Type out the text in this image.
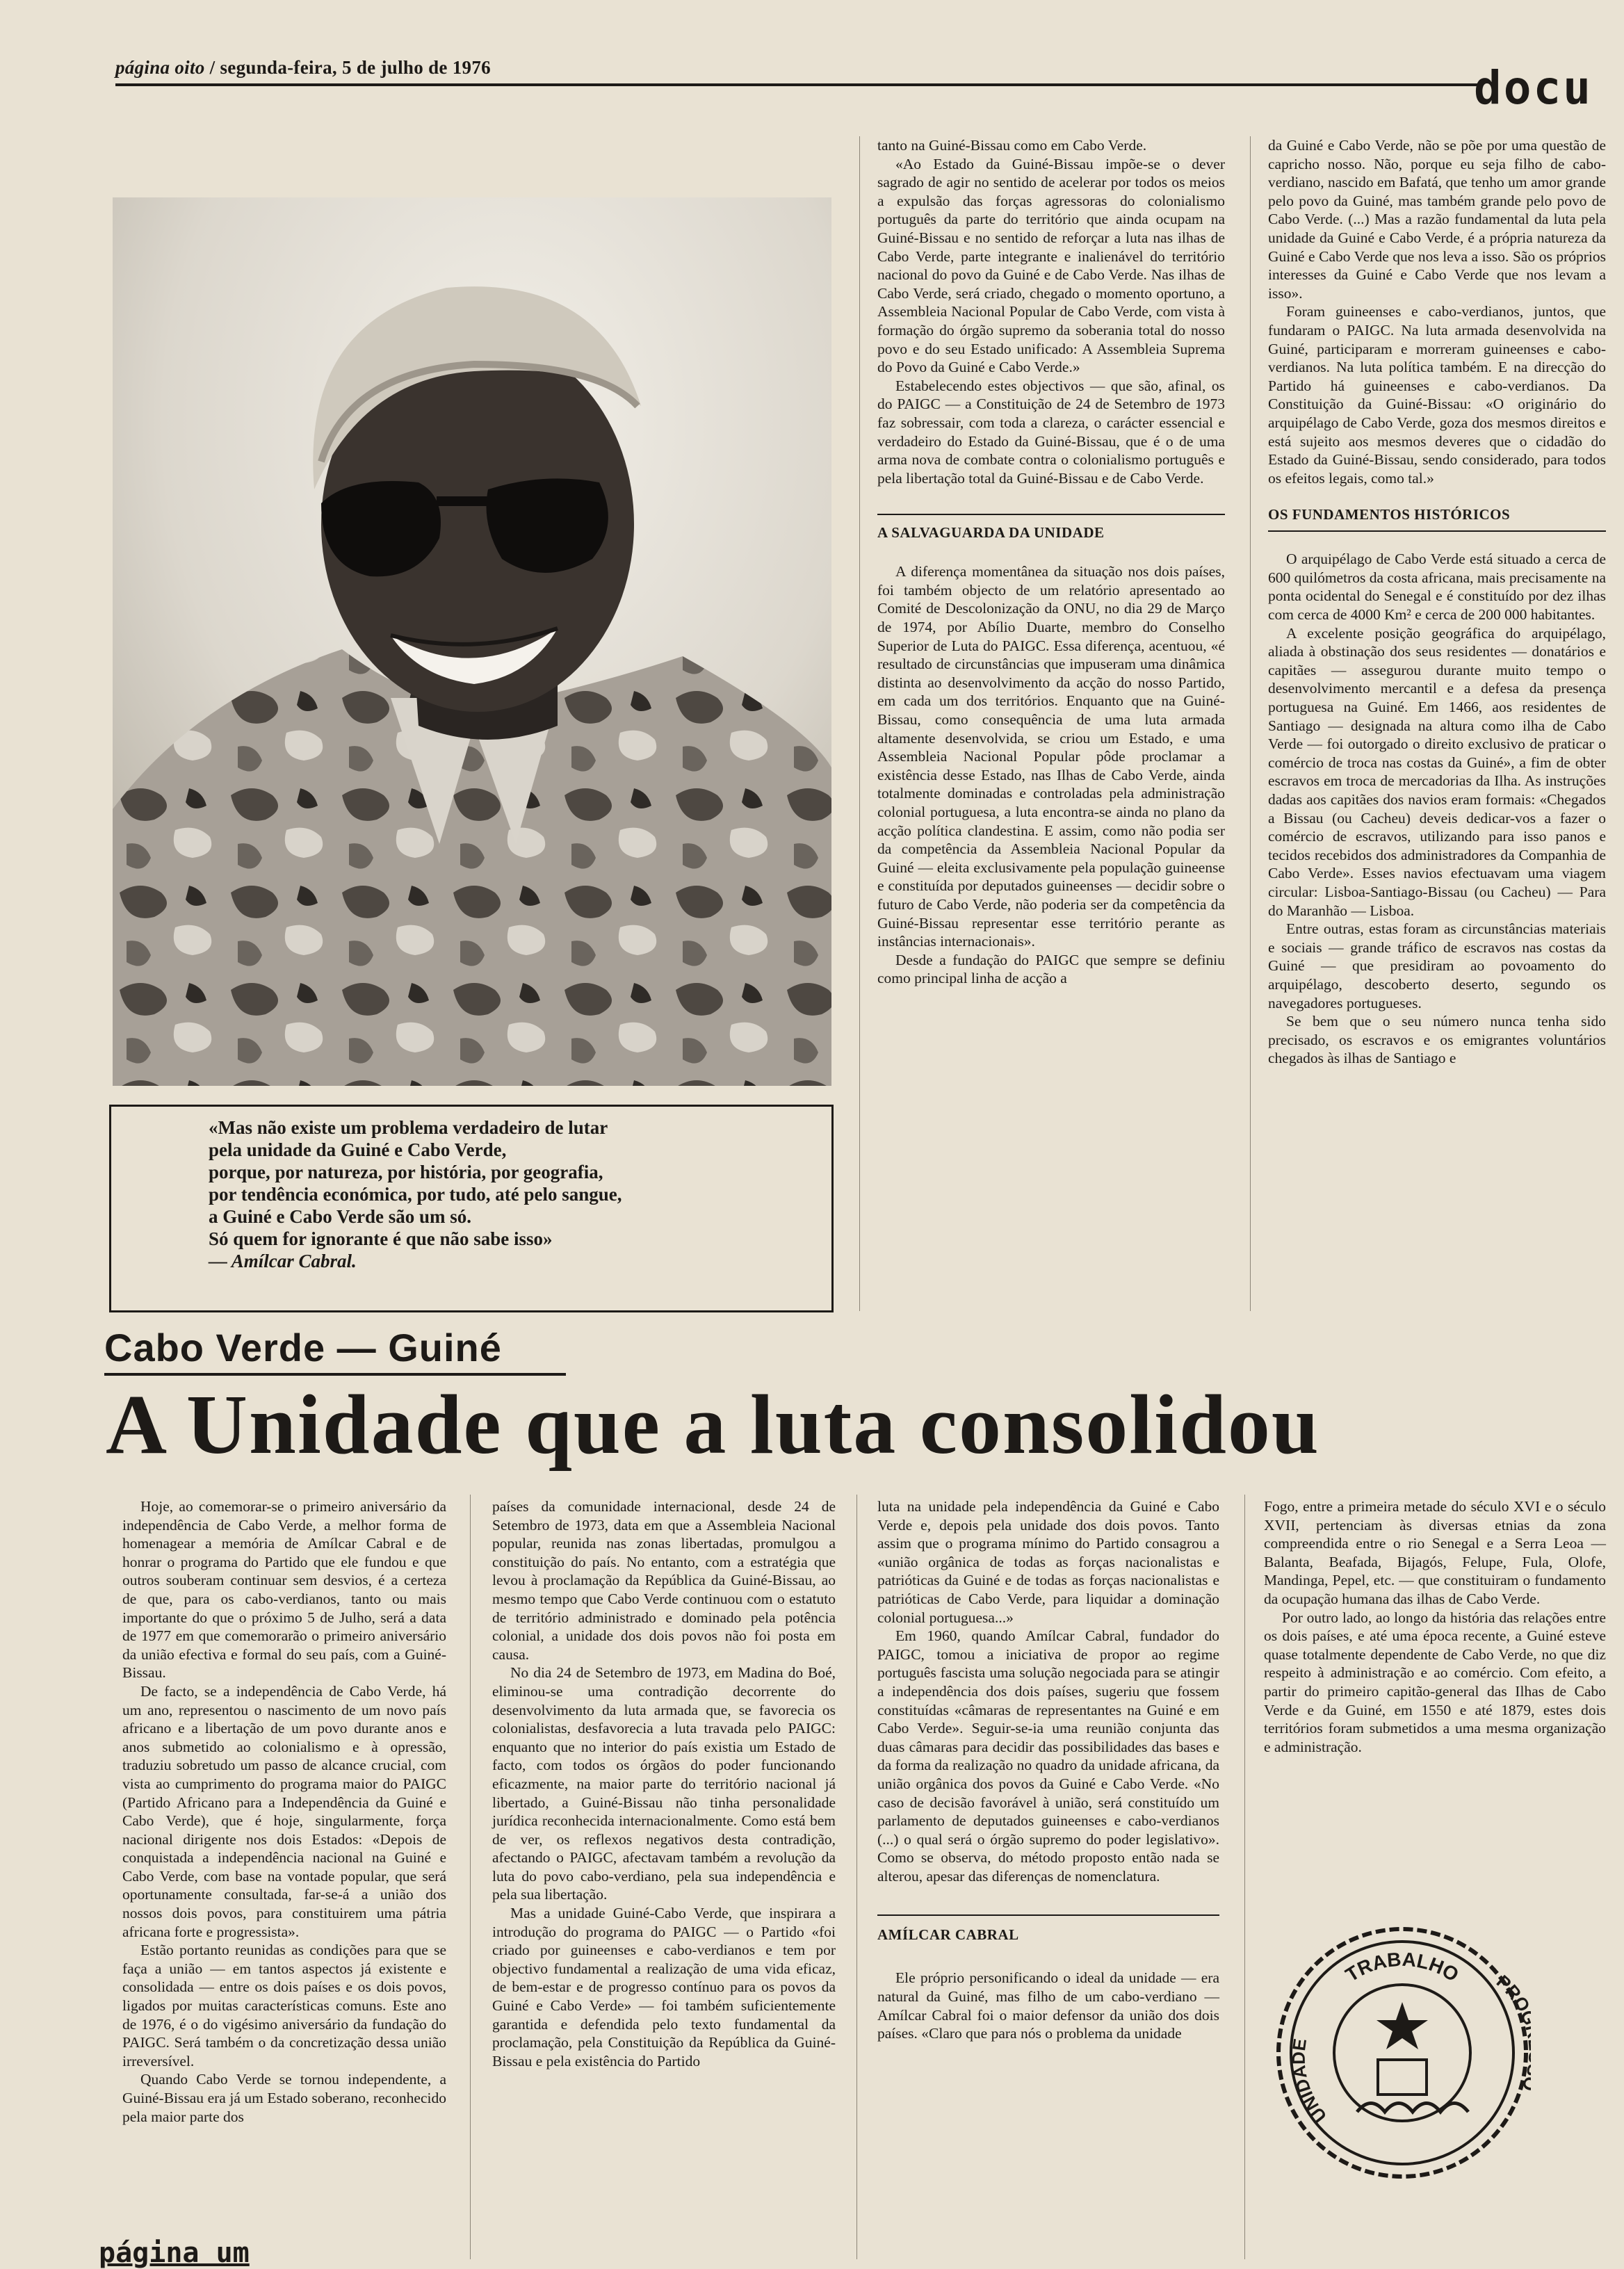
página oito / segunda-feira, 5 de julho de 1976	docu
«Mas não existe um problema verdadeiro de lutar
pela unidade da Guiné e Cabo Verde,
porque, por natureza, por história, por geografia,
por tendência económica, por tudo, até pelo sangue,
a Guiné e Cabo Verde são um só.
Só quem for ignorante é que não sabe isso»
— Amílcar Cabral.

tanto na Guiné-Bissau como em Cabo Verde.

«Ao Estado da Guiné-Bissau impõe-se o dever sagrado de agir no sentido de acelerar por todos os meios a expulsão das forças agressoras do colonialismo português da parte do território que ainda ocupam na Guiné-Bissau e no sentido de reforçar a luta nas ilhas de Cabo Verde, parte integrante e inalienável do território nacional do povo da Guiné e de Cabo Verde. Nas ilhas de Cabo Verde, será criado, chegado o momento oportuno, a Assembleia Nacional Popular de Cabo Verde, com vista à formação do órgão supremo da soberania total do nosso povo e do seu Estado unificado: A Assembleia Suprema do Povo da Guiné e Cabo Verde.»

Estabelecendo estes objectivos — que são, afinal, os do PAIGC — a Constituição de 24 de Setembro de 1973 faz sobressair, com toda a clareza, o carácter essencial e verdadeiro do Estado da Guiné-Bissau, que é o de uma arma nova de combate contra o colonialismo português e pela libertação total da Guiné-Bissau e de Cabo Verde.

A SALVAGUARDA DA UNIDADE

A diferença momentânea da situação nos dois países, foi também objecto de um relatório apresentado ao Comité de Descolonização da ONU, no dia 29 de Março de 1974, por Abílio Duarte, membro do Conselho Superior de Luta do PAIGC. Essa diferença, acentuou, «é resultado de circunstâncias que impuseram uma dinâmica distinta ao desenvolvimento da acção do nosso Partido, em cada um dos territórios. Enquanto que na Guiné-Bissau, como consequência de uma luta armada altamente desenvolvida, se criou um Estado, e uma Assembleia Nacional Popular pôde proclamar a existência desse Estado, nas Ilhas de Cabo Verde, ainda totalmente dominadas e controladas pela administração colonial portuguesa, a luta encontra-se ainda no plano da acção política clandestina. E assim, como não podia ser da competência da Assembleia Nacional Popular da Guiné — eleita exclusivamente pela população guineense e constituída por deputados guineenses — decidir sobre o futuro de Cabo Verde, não poderia ser da competência da Guiné-Bissau representar esse território perante as instâncias internacionais».

Desde a fundação do PAIGC que sempre se definiu como principal linha de acção a

da Guiné e Cabo Verde, não se põe por uma questão de capricho nosso. Não, porque eu seja filho de cabo-verdiano, nascido em Bafatá, que tenho um amor grande pelo povo da Guiné, mas também grande pelo povo de Cabo Verde. (...) Mas a razão fundamental da luta pela unidade da Guiné e Cabo Verde, é a própria natureza da Guiné e Cabo Verde que nos leva a isso. São os próprios interesses da Guiné e Cabo Verde que nos levam a isso».

Foram guineenses e cabo-verdianos, juntos, que fundaram o PAIGC. Na luta armada desenvolvida na Guiné, participaram e morreram guineenses e cabo-verdianos. Na luta política também. E na direcção do Partido há guineenses e cabo-verdianos. Da Constituição da Guiné-Bissau: «O originário do arquipélago de Cabo Verde, goza dos mesmos direitos e está sujeito aos mesmos deveres que o cidadão do Estado da Guiné-Bissau, sendo considerado, para todos os efeitos legais, como tal.»

OS FUNDAMENTOS HISTÓRICOS

O arquipélago de Cabo Verde está situado a cerca de 600 quilómetros da costa africana, mais precisamente na ponta ocidental do Senegal e é constituído por dez ilhas com cerca de 4000 Km² e cerca de 200 000 habitantes.

A excelente posição geográfica do arquipélago, aliada à obstinação dos seus residentes — donatários e capitães — assegurou durante muito tempo o desenvolvimento mercantil e a defesa da presença portuguesa na Guiné. Em 1466, aos residentes de Santiago — designada na altura como ilha de Cabo Verde — foi outorgado o direito exclusivo de praticar o comércio de troca nas costas da Guiné», a fim de obter escravos em troca de mercadorias da Ilha. As instruções dadas aos capitães dos navios eram formais: «Chegados a Bissau (ou Cacheu) deveis dedicar-vos a fazer o comércio de escravos, utilizando para isso panos e tecidos recebidos dos administradores da Companhia de Cabo Verde». Esses navios efectuavam uma viagem circular: Lisboa-Santiago-Bissau (ou Cacheu) — Para do Maranhão — Lisboa.

Entre outras, estas foram as circunstâncias materiais e sociais — grande tráfico de escravos nas costas da Guiné — que presidiram ao povoamento do arquipélago, descoberto deserto, segundo os navegadores portugueses.

Se bem que o seu número nunca tenha sido precisado, os escravos e os emigrantes voluntários chegados às ilhas de Santiago e

Cabo Verde — Guiné
A Unidade que a luta consolidou

Hoje, ao comemorar-se o primeiro aniversário da independência de Cabo Verde, a melhor forma de homenagear a memória de Amílcar Cabral e de honrar o programa do Partido que ele fundou e que outros souberam continuar sem desvios, é a certeza de que, para os cabo-verdianos, tanto ou mais importante do que o próximo 5 de Julho, será a data de 1977 em que comemorarão o primeiro aniversário da união efectiva e formal do seu país, com a Guiné-Bissau.

De facto, se a independência de Cabo Verde, há um ano, representou o nascimento de um novo país africano e a libertação de um povo durante anos e anos submetido ao colonialismo e à opressão, traduziu sobretudo um passo de alcance crucial, com vista ao cumprimento do programa maior do PAIGC (Partido Africano para a Independência da Guiné e Cabo Verde), que é hoje, singularmente, força nacional dirigente nos dois Estados: «Depois de conquistada a independência nacional na Guiné e Cabo Verde, com base na vontade popular, que será oportunamente consultada, far-se-á a união dos nossos dois povos, para constituirem uma pátria africana forte e progressista».

Estão portanto reunidas as condições para que se faça a união — em tantos aspectos já existente e consolidada — entre os dois países e os dois povos, ligados por muitas características comuns. Este ano de 1976, é o do vigésimo aniversário da fundação do PAIGC. Será também o da concretização dessa união irreversível.

Quando Cabo Verde se tornou independente, a Guiné-Bissau era já um Estado soberano, reconhecido pela maior parte dos

países da comunidade internacional, desde 24 de Setembro de 1973, data em que a Assembleia Nacional popular, reunida nas zonas libertadas, promulgou a constituição do país. No entanto, com a estratégia que levou à proclamação da República da Guiné-Bissau, ao mesmo tempo que Cabo Verde continuou com o estatuto de território administrado e dominado pela potência colonial, a unidade dos dois povos não foi posta em causa.

No dia 24 de Setembro de 1973, em Madina do Boé, eliminou-se uma contradição decorrente do desenvolvimento da luta armada que, se favorecia os colonialistas, desfavorecia a luta travada pelo PAIGC: enquanto que no interior do país existia um Estado de facto, com todos os órgãos do poder funcionando eficazmente, na maior parte do território nacional já libertado, a Guiné-Bissau não tinha personalidade jurídica reconhecida internacionalmente. Como está bem de ver, os reflexos negativos desta contradição, afectando o PAIGC, afectavam também a revolução da luta do povo cabo-verdiano, pela sua independência e pela sua libertação.

Mas a unidade Guiné-Cabo Verde, que inspirara a introdução do programa do PAIGC — o Partido «foi criado por guineenses e cabo-verdianos e tem por objectivo fundamental a realização de uma vida eficaz, de bem-estar e de progresso contínuo para os povos da Guiné e Cabo Verde» — foi também suficientemente garantida e defendida pelo texto fundamental da proclamação, pela Constituição da República da Guiné-Bissau e pela existência do Partido

luta na unidade pela independência da Guiné e Cabo Verde e, depois pela unidade dos dois povos. Tanto assim que o programa mínimo do Partido consagrou a «união orgânica de todas as forças nacionalistas e patrióticas da Guiné e de todas as forças nacionalistas e patrióticas de Cabo Verde, para liquidar a dominação colonial portuguesa...»

Em 1960, quando Amílcar Cabral, fundador do PAIGC, tomou a iniciativa de propor ao regime português fascista uma solução negociada para se atingir a independência dos dois países, sugeriu que fossem constituídas «câmaras de representantes na Guiné e em Cabo Verde». Seguir-se-ia uma reunião conjunta das duas câmaras para decidir das possibilidades das bases e da forma da realização no quadro da unidade africana, da união orgânica dos povos da Guiné e Cabo Verde. «No caso de decisão favorável à união, será constituído um parlamento de deputados guineenses e cabo-verdianos (...) o qual será o órgão supremo do poder legislativo». Como se observa, do método proposto então nada se alterou, apesar das diferenças de nomenclatura.

AMÍLCAR CABRAL

Ele próprio personificando o ideal da unidade — era natural da Guiné, mas filho de um cabo-verdiano — Amílcar Cabral foi o maior defensor da união dos dois países. «Claro que para nós o problema da unidade

Fogo, entre a primeira metade do século XVI e o século XVII, pertenciam às diversas etnias da zona compreendida entre o rio Senegal e a Serra Leoa — Balanta, Beafada, Bijagós, Felupe, Fula, Olofe, Mandinga, Pepel, etc. — que constituiram o fundamento da ocupação humana das ilhas de Cabo Verde.

Por outro lado, ao longo da história das relações entre os dois países, e até uma época recente, a Guiné esteve quase totalmente dependente de Cabo Verde, no que diz respeito à administração e ao comércio. Com efeito, a partir do primeiro capitão-general das Ilhas de Cabo Verde e da Guiné, em 1550 e até 1879, estes dois territórios foram submetidos a uma mesma organização e administração.

TRABALHO PR
UNIDADE
página um
